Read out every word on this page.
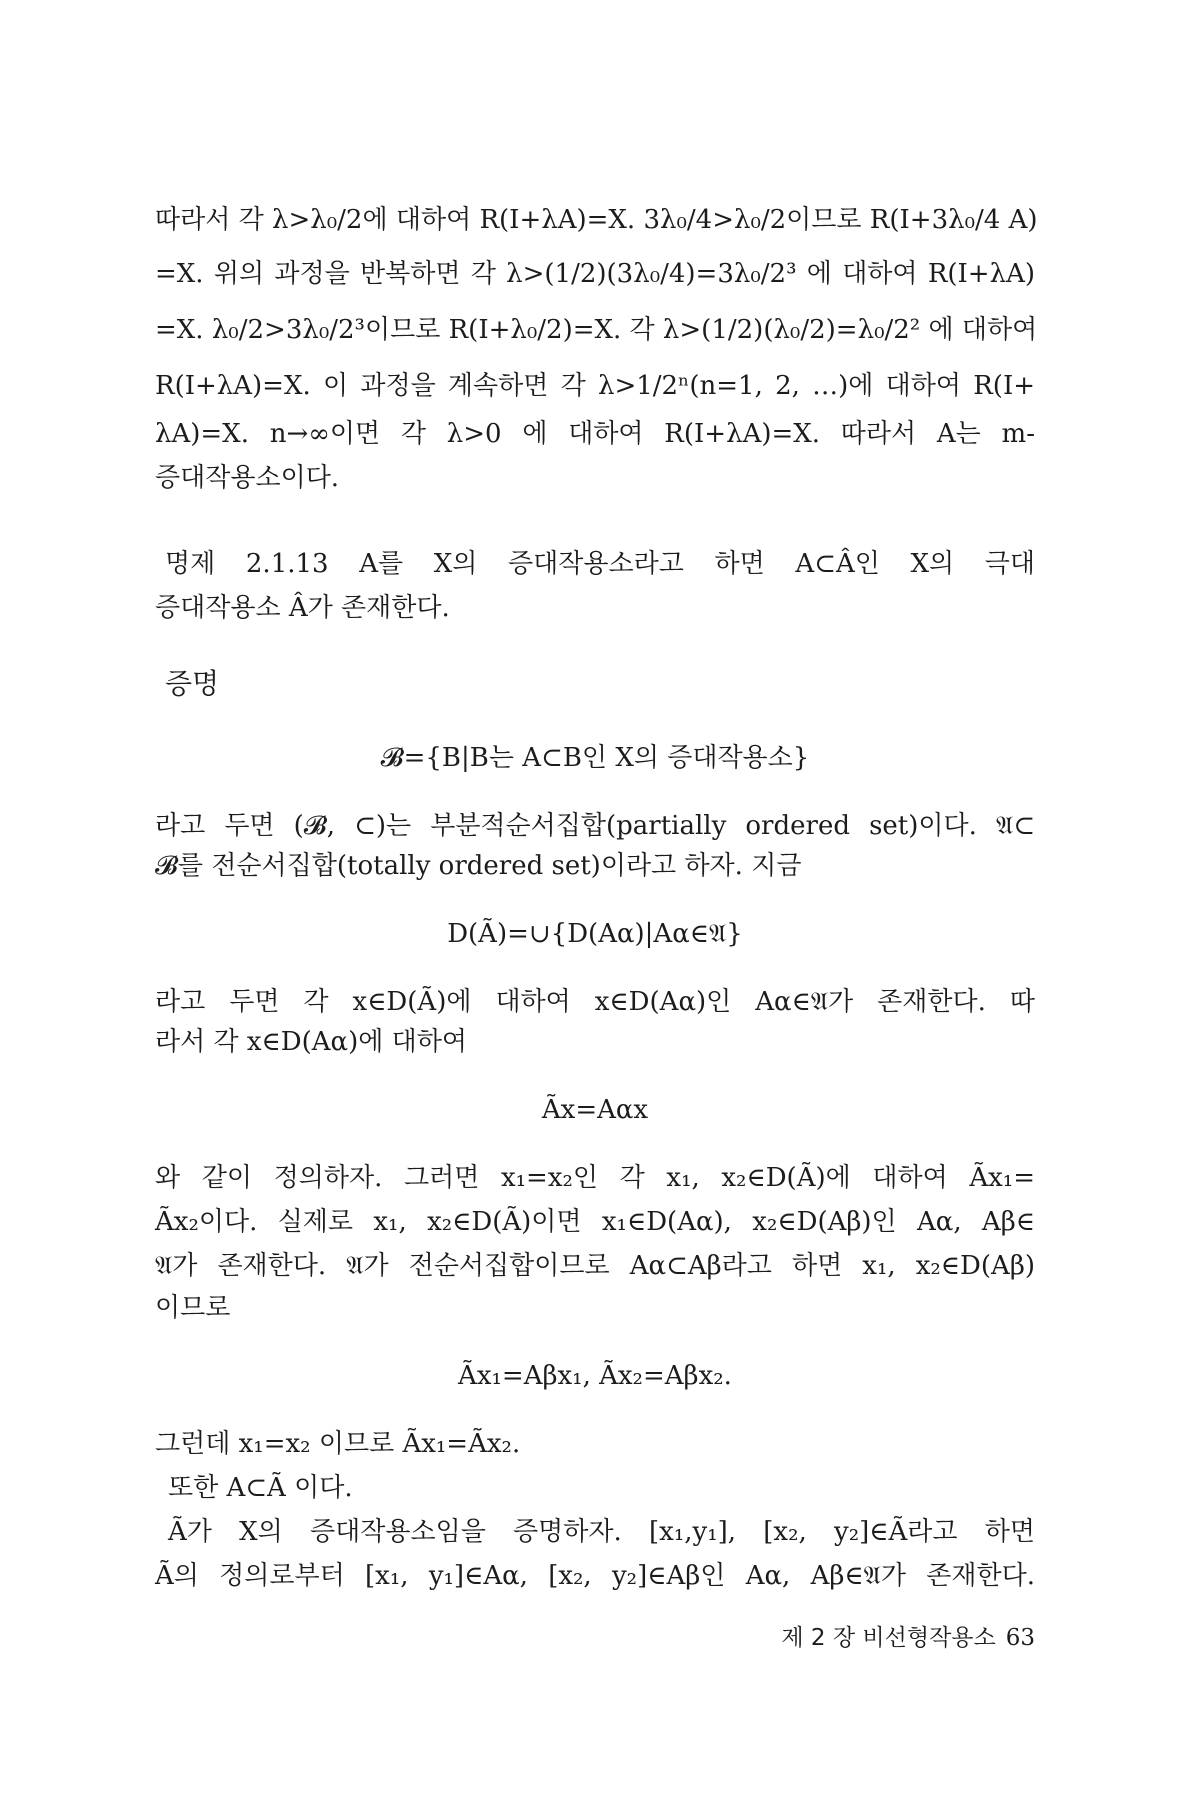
따라서 각 λ>λ₀/2에 대하여 R(I+λA)=X. 3λ₀/4>λ₀/2이므로 R(I+3λ₀/4 A)
=X. 위의 과정을 반복하면 각 λ>(1/2)(3λ₀/4)=3λ₀/2³ 에 대하여 R(I+λA)
=X. λ₀/2>3λ₀/2³이므로 R(I+λ₀/2)=X. 각 λ>(1/2)(λ₀/2)=λ₀/2² 에 대하여
R(I+λA)=X. 이 과정을 계속하면 각 λ>1/2ⁿ(n=1, 2, …)에 대하여 R(I+
λA)=X. n→∞이면 각 λ>0 에 대하여 R(I+λA)=X. 따라서 A는 m-
증대작용소이다.
명제 2.1.13 A를 X의 증대작용소라고 하면 A⊂Â인 X의 극대
증대작용소 Â가 존재한다.
증명
𝓑={B|B는 A⊂B인 X의 증대작용소}
라고 두면 (𝓑, ⊂)는 부분적순서집합(partially ordered set)이다. 𝔄⊂
𝓑를 전순서집합(totally ordered set)이라고 하자. 지금
D(Ã)=∪{D(Aα)|Aα∈𝔄}
라고 두면 각 x∈D(Ã)에 대하여 x∈D(Aα)인 Aα∈𝔄가 존재한다. 따
라서 각 x∈D(Aα)에 대하여
Ãx=Aαx
와 같이 정의하자. 그러면 x₁=x₂인 각 x₁, x₂∈D(Ã)에 대하여 Ãx₁=
Ãx₂이다. 실제로 x₁, x₂∈D(Ã)이면 x₁∈D(Aα), x₂∈D(Aβ)인 Aα, Aβ∈
𝔄가 존재한다. 𝔄가 전순서집합이므로 Aα⊂Aβ라고 하면 x₁, x₂∈D(Aβ)
이므로
Ãx₁=Aβx₁, Ãx₂=Aβx₂.
그런데 x₁=x₂ 이므로 Ãx₁=Ãx₂.
또한 A⊂Ã 이다.
Ã가 X의 증대작용소임을 증명하자. [x₁,y₁], [x₂, y₂]∈Ã라고 하면
Ã의 정의로부터 [x₁, y₁]∈Aα, [x₂, y₂]∈Aβ인 Aα, Aβ∈𝔄가 존재한다.
제 2 장 비선형작용소 63
